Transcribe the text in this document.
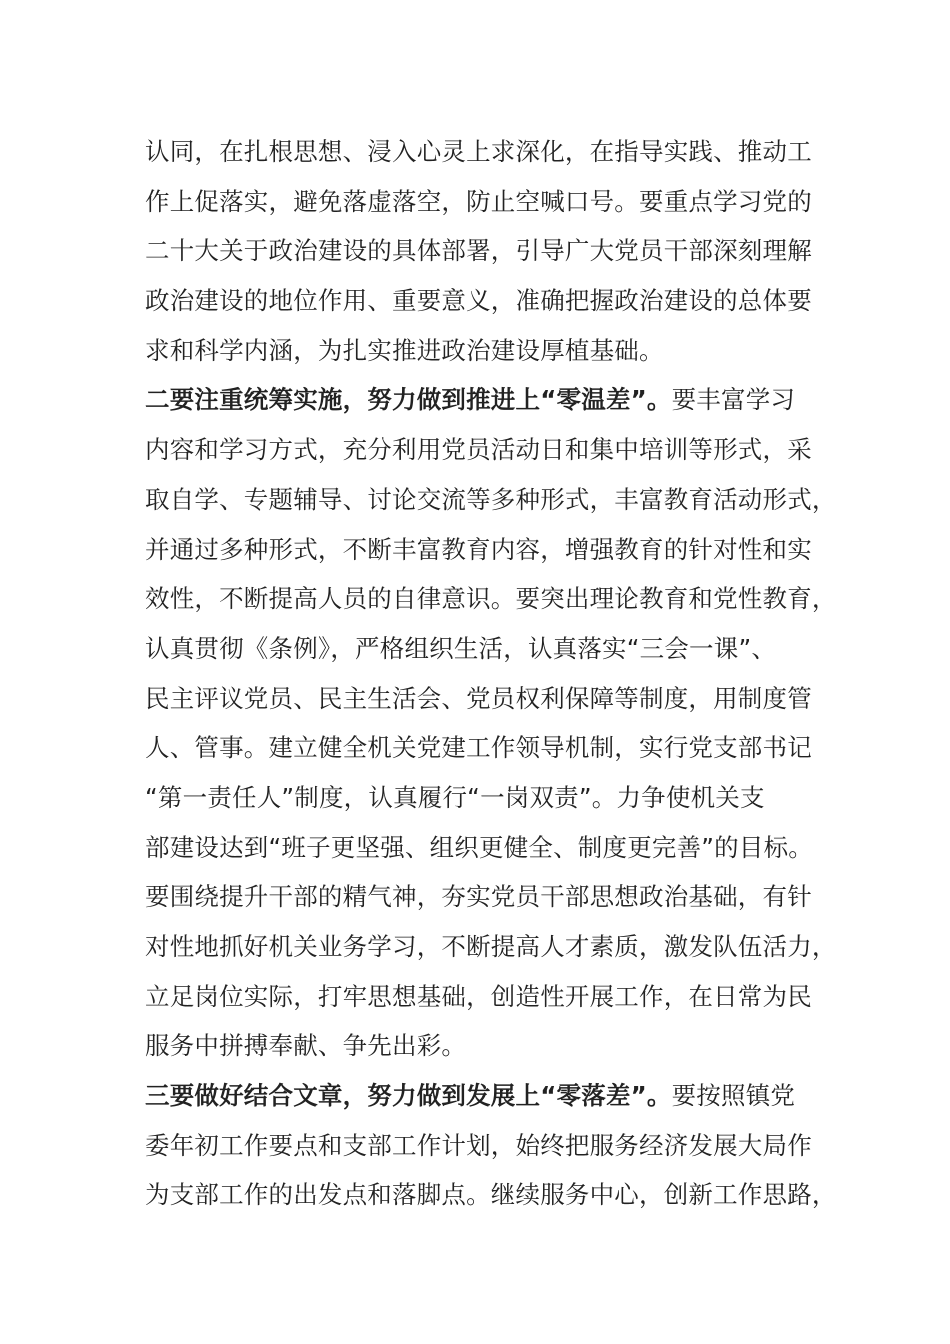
认同，在扎根思想、浸入心灵上求深化，在指导实践、推动工
作上促落实，避免落虚落空，防止空喊口号。要重点学习党的
二十大关于政治建设的具体部署，引导广大党员干部深刻理解
政治建设的地位作用、重要意义，准确把握政治建设的总体要
求和科学内涵，为扎实推进政治建设厚植基础。
二要注重统筹实施，努力做到推进上“零温差”。要丰富学习
内容和学习方式，充分利用党员活动日和集中培训等形式，采
取自学、专题辅导、讨论交流等多种形式，丰富教育活动形式，
并通过多种形式，不断丰富教育内容，增强教育的针对性和实
效性，不断提高人员的自律意识。要突出理论教育和党性教育，
认真贯彻《条例》，严格组织生活，认真落实“三会一课”、
民主评议党员、民主生活会、党员权利保障等制度，用制度管
人、管事。建立健全机关党建工作领导机制，实行党支部书记
“第一责任人”制度，认真履行“一岗双责”。力争使机关支
部建设达到“班子更坚强、组织更健全、制度更完善”的目标。
要围绕提升干部的精气神，夯实党员干部思想政治基础，有针
对性地抓好机关业务学习，不断提高人才素质，激发队伍活力，
立足岗位实际，打牢思想基础，创造性开展工作，在日常为民
服务中拼搏奉献、争先出彩。
三要做好结合文章，努力做到发展上“零落差”。要按照镇党
委年初工作要点和支部工作计划，始终把服务经济发展大局作
为支部工作的出发点和落脚点。继续服务中心，创新工作思路，
